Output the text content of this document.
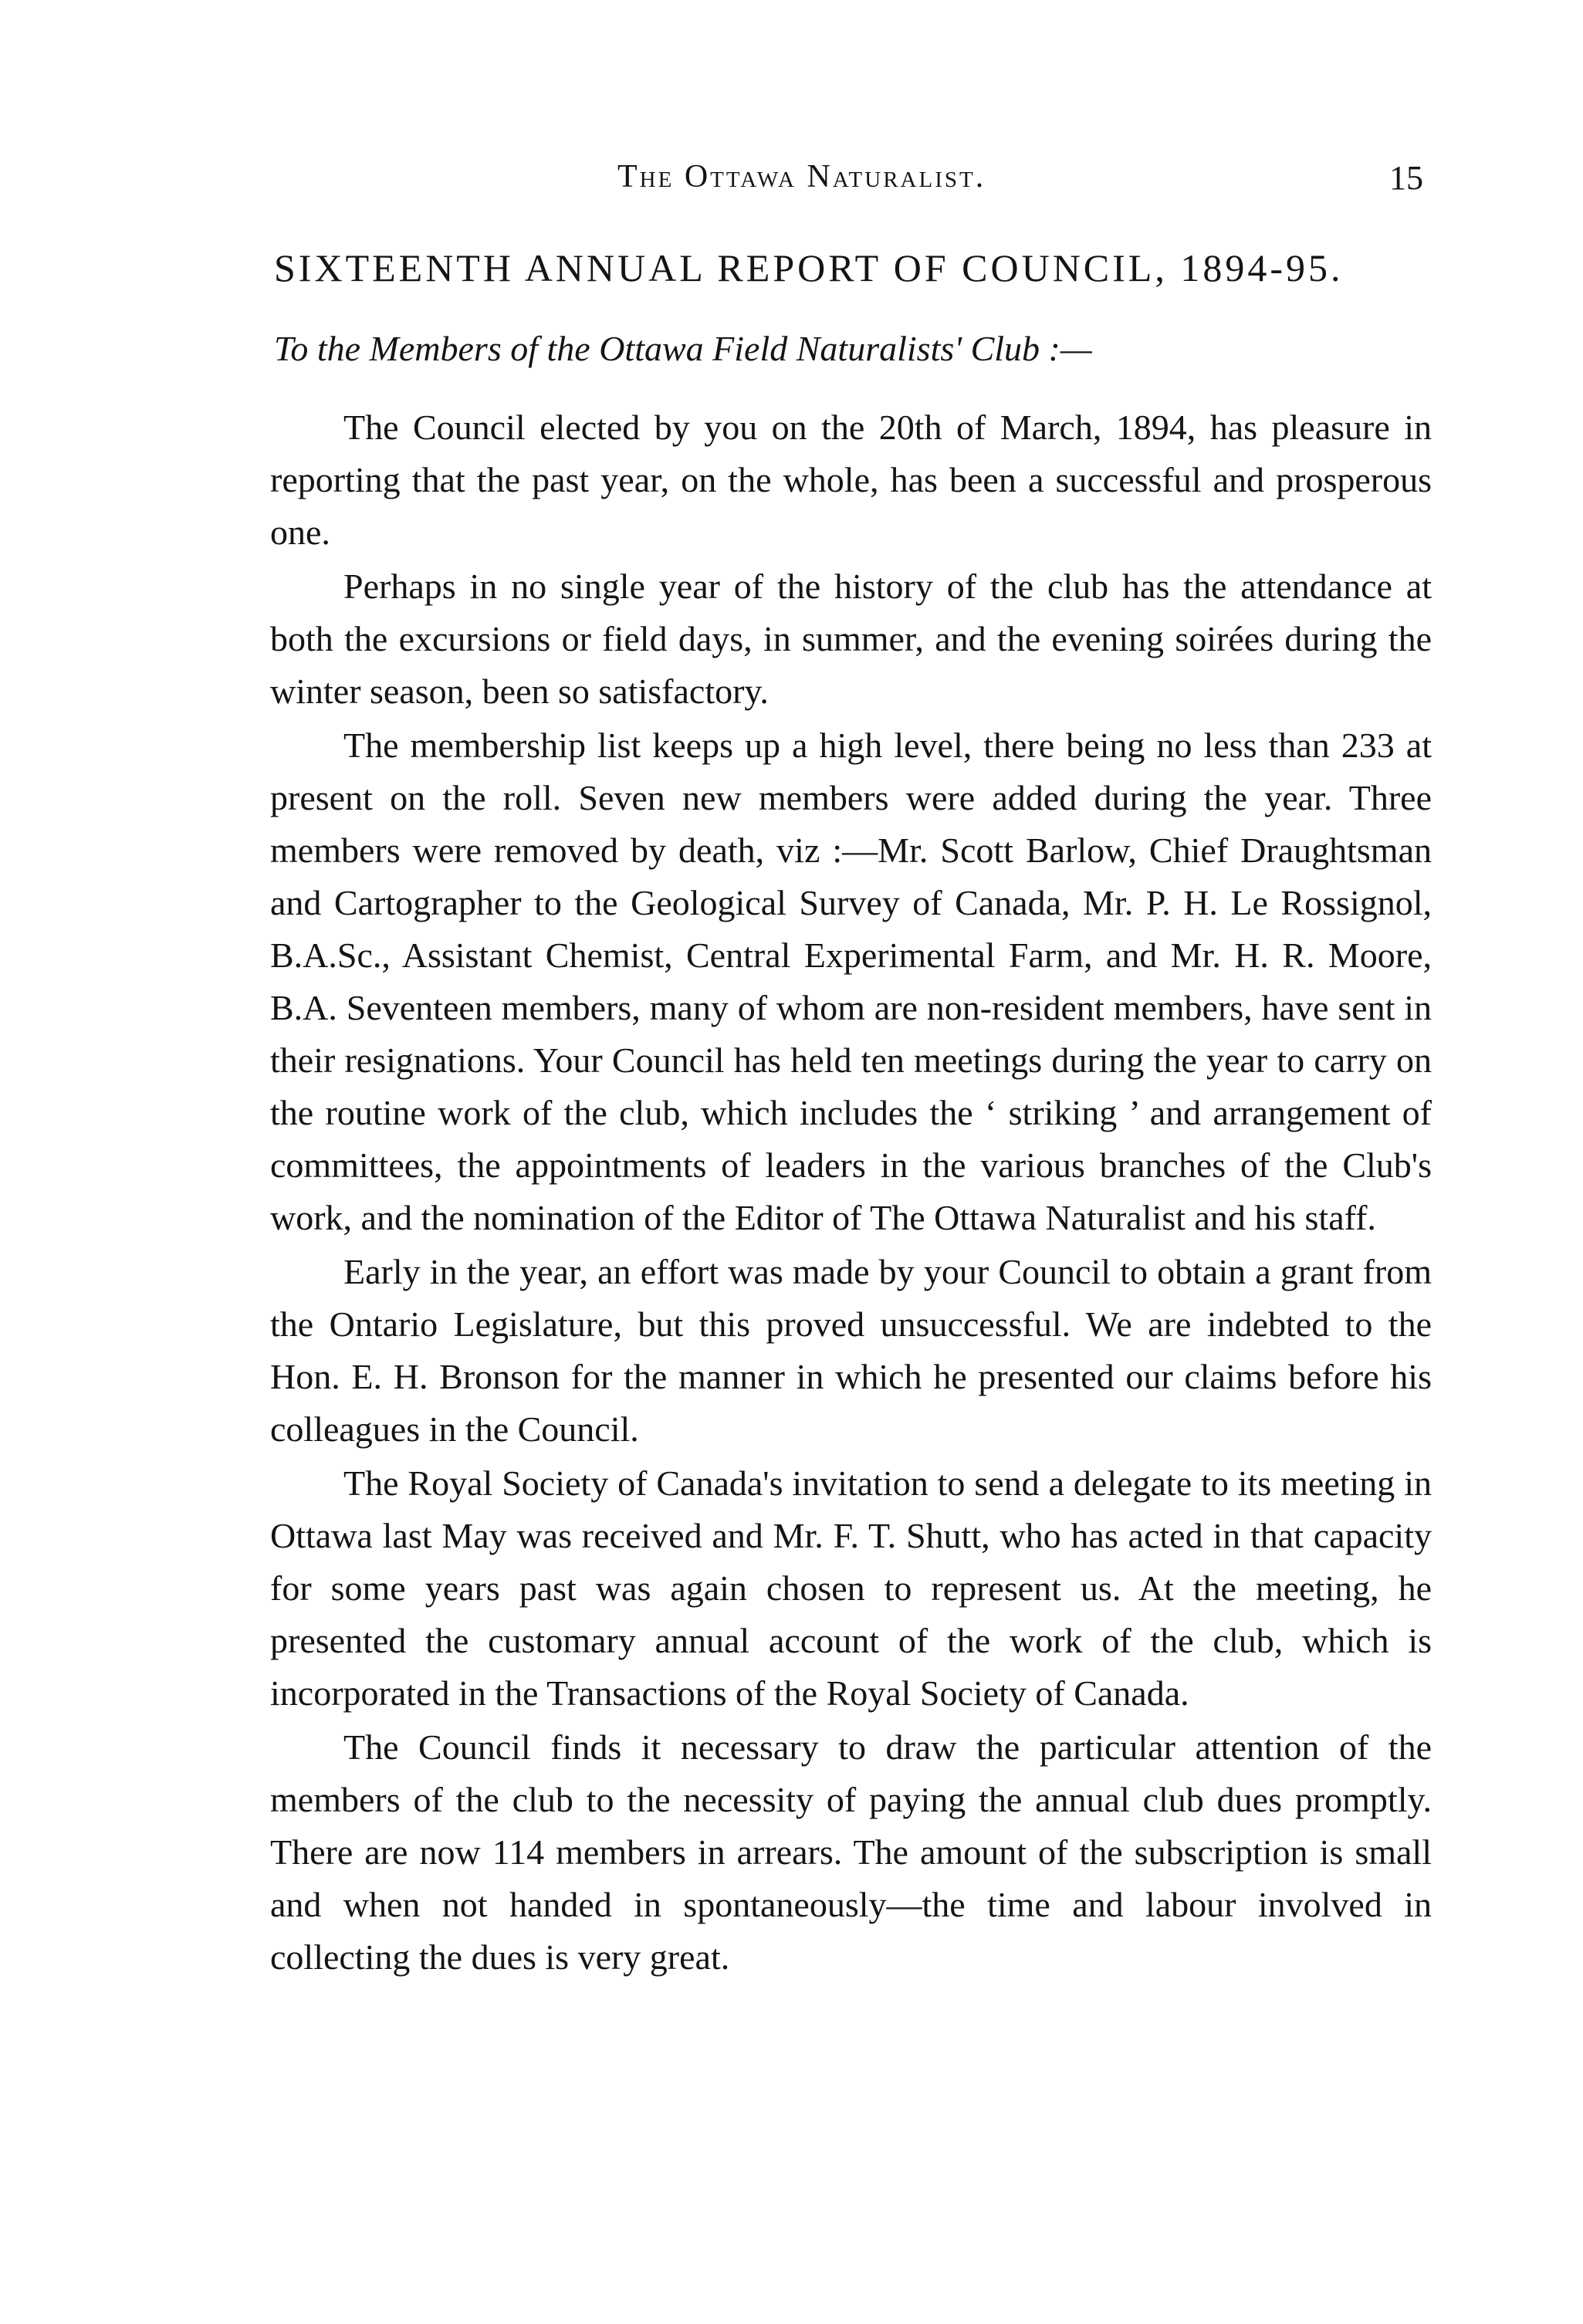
The Ottawa Naturalist.	15
SIXTEENTH ANNUAL REPORT OF COUNCIL, 1894-95.
To the Members of the Ottawa Field Naturalists' Club :—

The Council elected by you on the 20th of March, 1894, has pleasure in reporting that the past year, on the whole, has been a successful and prosperous one.

Perhaps in no single year of the history of the club has the attendance at both the excursions or field days, in summer, and the evening soirées during the winter season, been so satisfactory.

The membership list keeps up a high level, there being no less than 233 at present on the roll. Seven new members were added during the year. Three members were removed by death, viz :—Mr. Scott Barlow, Chief Draughtsman and Cartographer to the Geological Survey of Canada, Mr. P. H. Le Rossignol, B.A.Sc., Assistant Chemist, Central Experimental Farm, and Mr. H. R. Moore, B.A. Seventeen members, many of whom are non-resident members, have sent in their resignations. Your Council has held ten meetings during the year to carry on the routine work of the club, which includes the ‘ striking ’ and arrangement of committees, the appointments of leaders in the various branches of the Club's work, and the nomination of the Editor of The Ottawa Naturalist and his staff.

Early in the year, an effort was made by your Council to obtain a grant from the Ontario Legislature, but this proved unsuccessful. We are indebted to the Hon. E. H. Bronson for the manner in which he presented our claims before his colleagues in the Council.

The Royal Society of Canada's invitation to send a delegate to its meeting in Ottawa last May was received and Mr. F. T. Shutt, who has acted in that capacity for some years past was again chosen to represent us. At the meeting, he presented the customary annual account of the work of the club, which is incorporated in the Transactions of the Royal Society of Canada.

The Council finds it necessary to draw the particular attention of the members of the club to the necessity of paying the annual club dues promptly. There are now 114 members in arrears. The amount of the subscription is small and when not handed in spontaneously—the time and labour involved in collecting the dues is very great.
